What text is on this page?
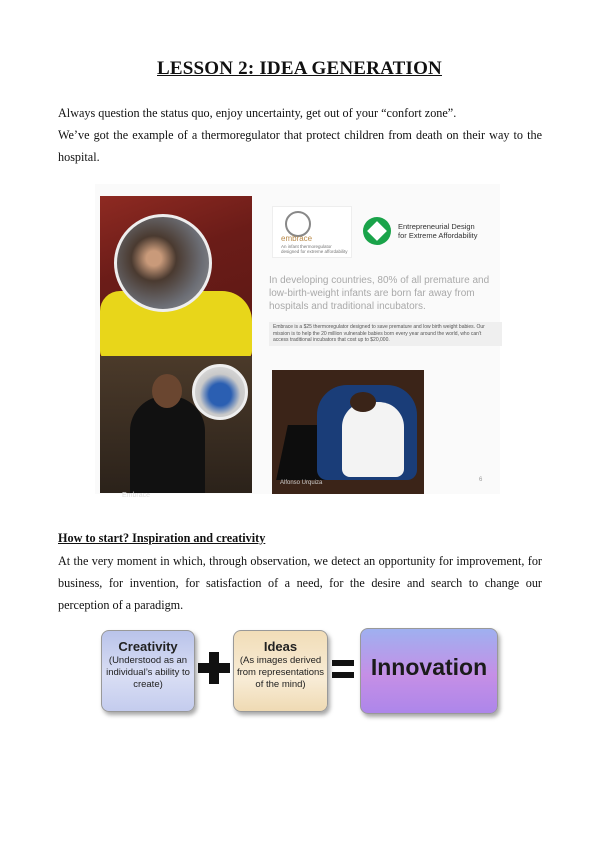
LESSON 2: IDEA GENERATION
Always question the status quo, enjoy uncertainty, get out of your “confort zone”.
We’ve got the example of a thermoregulator that protect children from death on their way to the hospital.
Embrace
embrace
An infant thermoregulator designed for extreme affordability
Entrepreneurial Design
for Extreme Affordability
In developing countries, 80% of all premature and low-birth-weight infants are born far away from hospitals and traditional incubators.
Embrace is a $25 thermoregulator designed to save premature and low birth weight babies. Our mission is to help the 20 million vulnerable babies born every year around the world, who can't access traditional incubators that cost up to $20,000.
Alfonso Urquiza	6
How to start? Inspiration and creativity
At the very moment in which, through observation, we detect an opportunity for improvement, for business, for invention, for satisfaction of a need, for the desire and search to change our perception of a paradigm.
Creativity
(Understood as an individual’s ability to create)
Ideas
(As images derived from representations of the mind)
Innovation
